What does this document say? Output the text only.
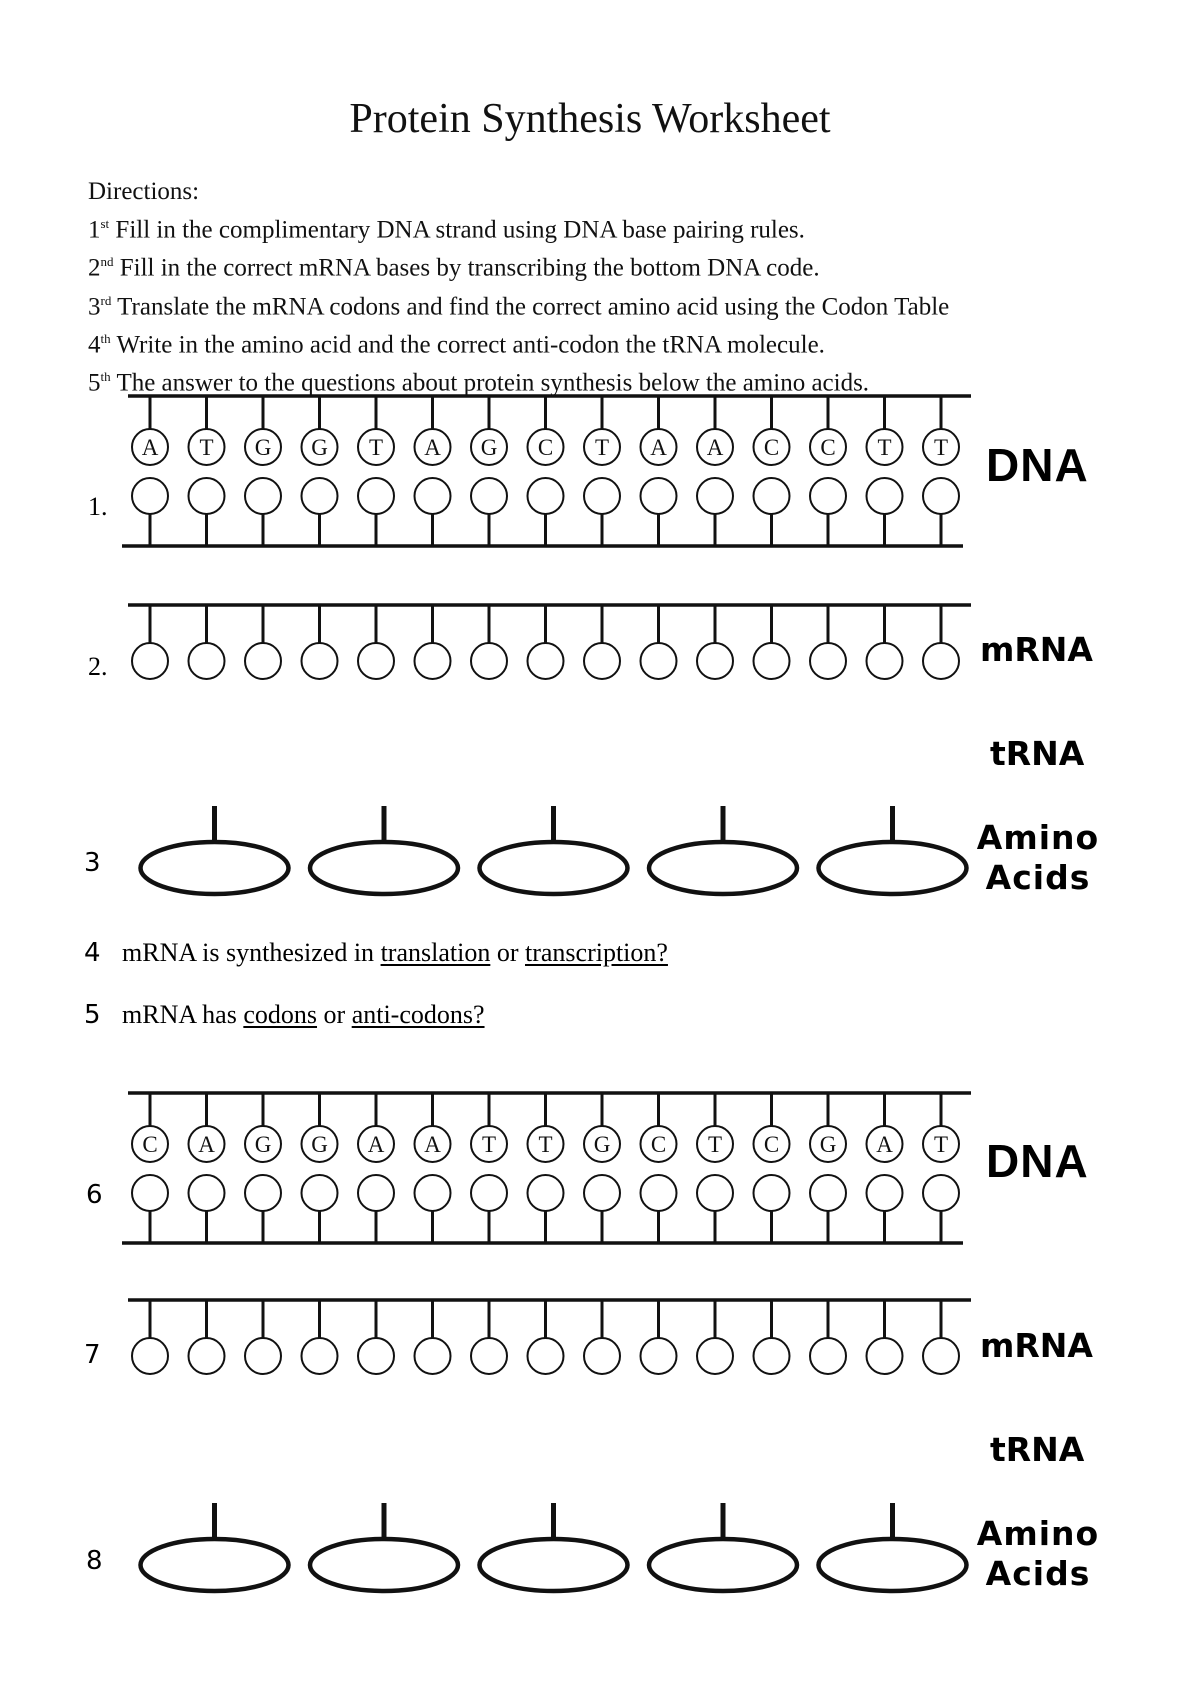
Protein Synthesis Worksheet
Directions:
1st Fill in the complimentary DNA strand using DNA base pairing rules.
2nd Fill in the correct mRNA bases by transcribing the bottom DNA code.
3rd Translate the mRNA codons and find the correct amino acid using the Codon Table
4th Write in the amino acid and the correct anti-codon the tRNA molecule.
5th The answer to the questions about protein synthesis below the amino acids.
A T G G T A G C T A A C C T T
C A G G A A T T G C T C G A T
1.
DNA
2.	mRNA
tRNA
3
Amino
Acids
4 mRNA is synthesized in translation or transcription?
5 mRNA has codons or anti-codons?
6
DNA
7	mRNA
tRNA
8
Amino
Acids
